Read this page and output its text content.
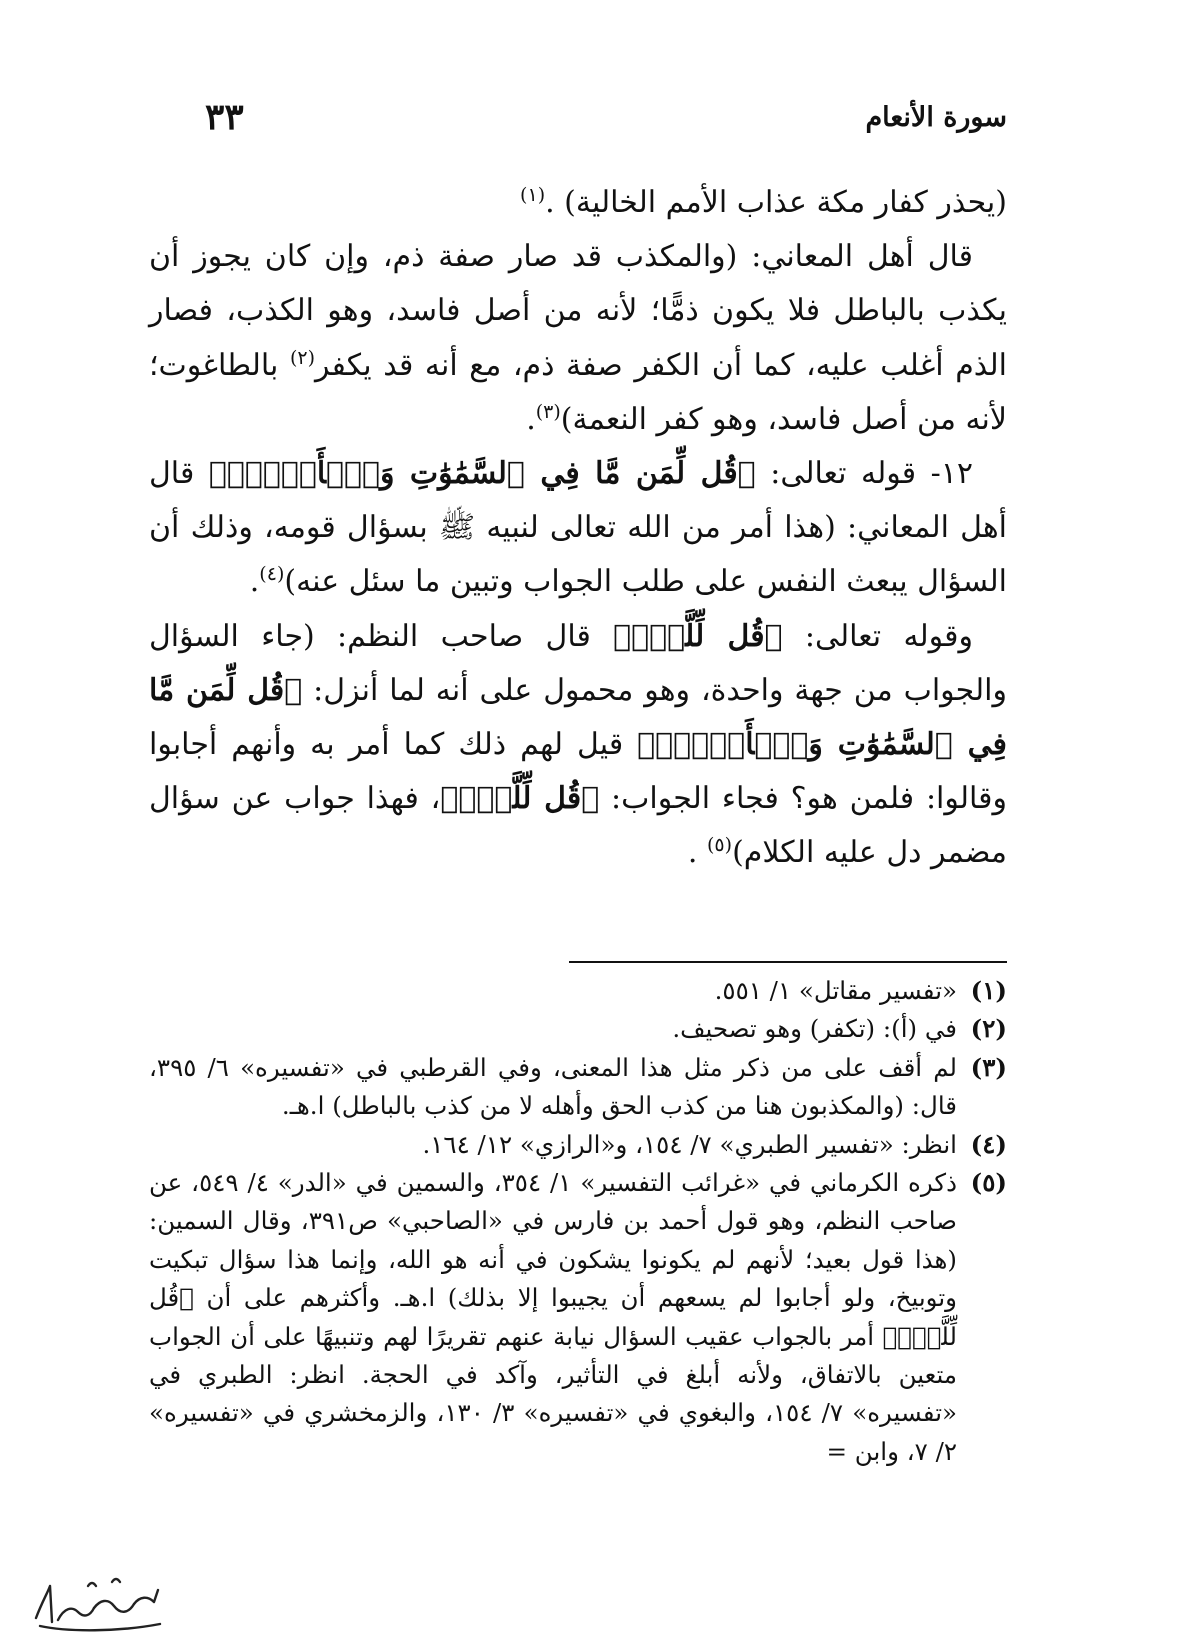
سورة الأنعام
٣٣

(يحذر كفار مكة عذاب الأمم الخالية) .$^{(١)}$

قال أهل المعاني: (والمكذب قد صار صفة ذم، وإن كان يجوز أن يكذب بالباطل فلا يكون ذمًّا؛ لأنه من أصل فاسد، وهو الكذب، فصار الذم أغلب عليه، كما أن الكفر صفة ذم، مع أنه قد يكفر$^{(٢)}$ بالطاغوت؛ لأنه من أصل فاسد، وهو كفر النعمة)$^{(٣)}$.

١٢- قوله تعالى: ﴿قُل لِّمَن مَّا فِي ٱلسَّمَٰوَٰتِ وَٱلۡأَرۡضِۖ﴾ قال أهل المعاني: (هذا أمر من الله تعالى لنبيه ﷺ بسؤال قومه، وذلك أن السؤال يبعث النفس على طلب الجواب وتبين ما سئل عنه)$^{(٤)}$.

وقوله تعالى: ﴿قُل لِّلَّهِۚ﴾ قال صاحب النظم: (جاء السؤال والجواب من جهة واحدة، وهو محمول على أنه لما أنزل: ﴿قُل لِّمَن مَّا فِي ٱلسَّمَٰوَٰتِ وَٱلۡأَرۡضِۖ﴾ قيل لهم ذلك كما أمر به وأنهم أجابوا وقالوا: فلمن هو؟ فجاء الجواب: ﴿قُل لِّلَّهِۚ﴾، فهذا جواب عن سؤال مضمر دل عليه الكلام)$^{(٥)}$ .

(١)
«تفسير مقاتل» ١/ ٥٥١.
(٢)
في (أ): (تكفر) وهو تصحيف.
(٣)
لم أقف على من ذكر مثل هذا المعنى، وفي القرطبي في «تفسيره» ٦/ ٣٩٥، قال: (والمكذبون هنا من كذب الحق وأهله لا من كذب بالباطل) ا.هـ.
(٤)
انظر: «تفسير الطبري» ٧/ ١٥٤، و«الرازي» ١٢/ ١٦٤.
(٥)
ذكره الكرماني في «غرائب التفسير» ١/ ٣٥٤، والسمين في «الدر» ٤/ ٥٤٩، عن صاحب النظم، وهو قول أحمد بن فارس في «الصاحبي» ص٣٩١، وقال السمين: (هذا قول بعيد؛ لأنهم لم يكونوا يشكون في أنه هو الله، وإنما هذا سؤال تبكيت وتوبيخ، ولو أجابوا لم يسعهم أن يجيبوا إلا بذلك) ا.هـ. وأكثرهم على أن ﴿قُل لِّلَّهِۚ﴾ أمر بالجواب عقيب السؤال نيابة عنهم تقريرًا لهم وتنبيهًا على أن الجواب متعين بالاتفاق، ولأنه أبلغ في التأثير، وآكد في الحجة. انظر: الطبري في «تفسيره» ٧/ ١٥٤، والبغوي في «تفسيره» ٣/ ١٣٠، والزمخشري في «تفسيره» ٢/ ٧، وابن =
